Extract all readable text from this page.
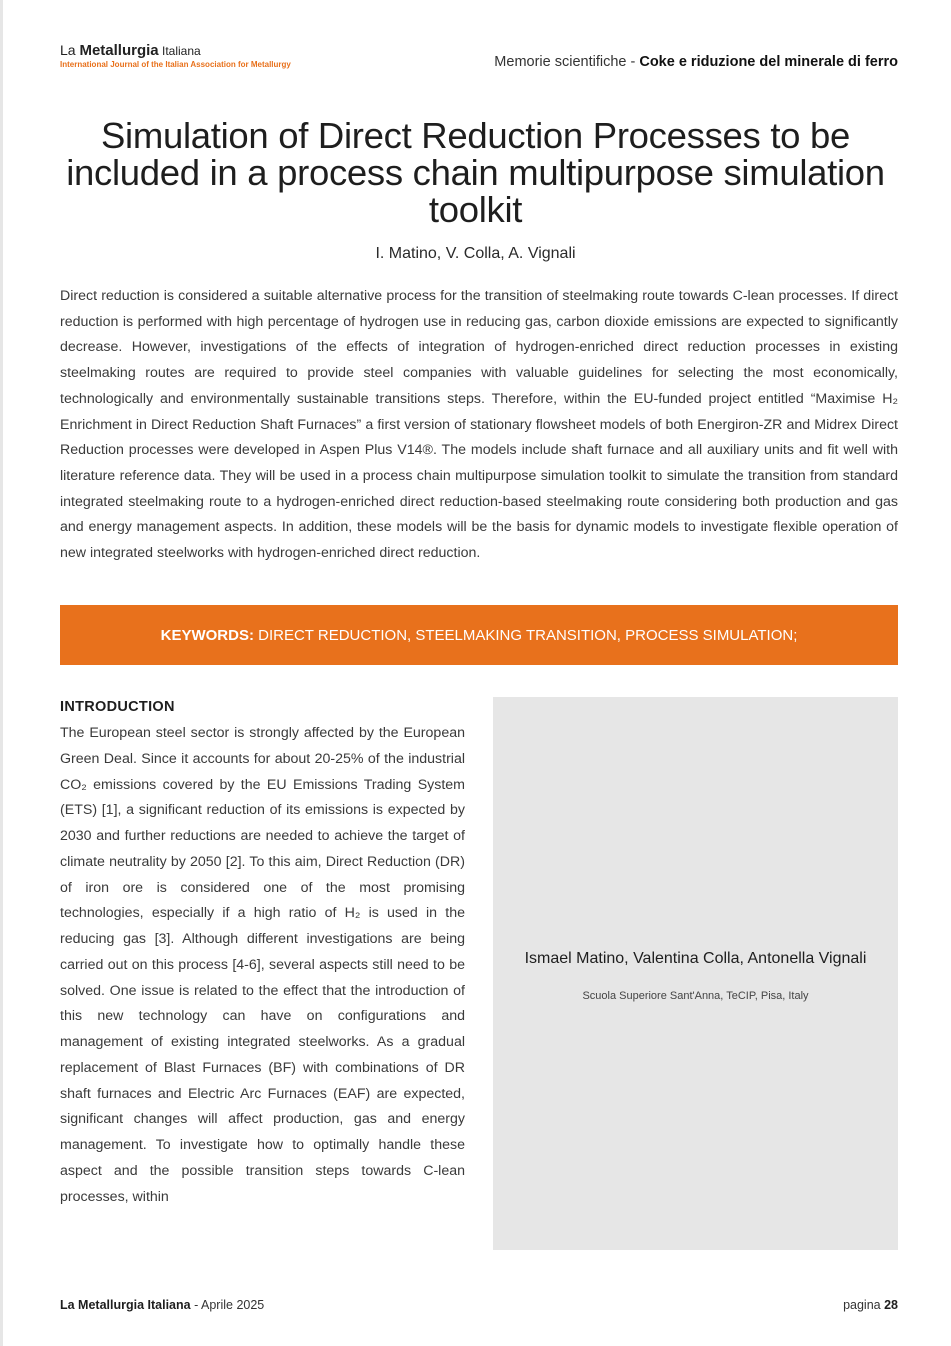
La Metallurgia Italiana
International Journal of the Italian Association for Metallurgy	Memorie scientifiche - Coke e riduzione del minerale di ferro
Simulation of Direct Reduction Processes to be included in a process chain multipurpose simulation toolkit
I. Matino, V. Colla, A. Vignali

Direct reduction is considered a suitable alternative process for the transition of steelmaking route towards C-lean processes. If direct reduction is performed with high percentage of hydrogen use in reducing gas, carbon dioxide emissions are expected to significantly decrease. However, investigations of the effects of integration of hydrogen-enriched direct reduction processes in existing steelmaking routes are required to provide steel companies with valuable guidelines for selecting the most economically, technologically and environmentally sustainable transitions steps. Therefore, within the EU-funded project entitled “Maximise H₂ Enrichment in Direct Reduction Shaft Furnaces” a first version of stationary flowsheet models of both Energiron-ZR and Midrex Direct Reduction processes were developed in Aspen Plus V14®. The models include shaft furnace and all auxiliary units and fit well with literature reference data. They will be used in a process chain multipurpose simulation toolkit to simulate the transition from standard integrated steelmaking route to a hydrogen-enriched direct reduction-based steelmaking route considering both production and gas and energy management aspects. In addition, these models will be the basis for dynamic models to investigate flexible operation of new integrated steelworks with hydrogen-enriched direct reduction.

KEYWORDS: DIRECT REDUCTION, STEELMAKING TRANSITION, PROCESS SIMULATION;
INTRODUCTION

The European steel sector is strongly affected by the European Green Deal. Since it accounts for about 20-25% of the industrial CO₂ emissions covered by the EU Emissions Trading System (ETS) [1], a significant reduction of its emissions is expected by 2030 and further reductions are needed to achieve the target of climate neutrality by 2050 [2]. To this aim, Direct Reduction (DR) of iron ore is considered one of the most promising technologies, especially if a high ratio of H₂ is used in the reducing gas [3]. Although different investigations are being carried out on this process [4-6], several aspects still need to be solved. One issue is related to the effect that the introduction of this new technology can have on configurations and management of existing integrated steelworks. As a gradual replacement of Blast Furnaces (BF) with combinations of DR shaft furnaces and Electric Arc Furnaces (EAF) are expected, significant changes will affect production, gas and energy management. To investigate how to optimally handle these aspect and the possible transition steps towards C-lean processes, within

Ismael Matino, Valentina Colla, Antonella Vignali
Scuola Superiore Sant'Anna, TeCIP, Pisa, Italy
La Metallurgia Italiana - Aprile 2025	pagina 28
